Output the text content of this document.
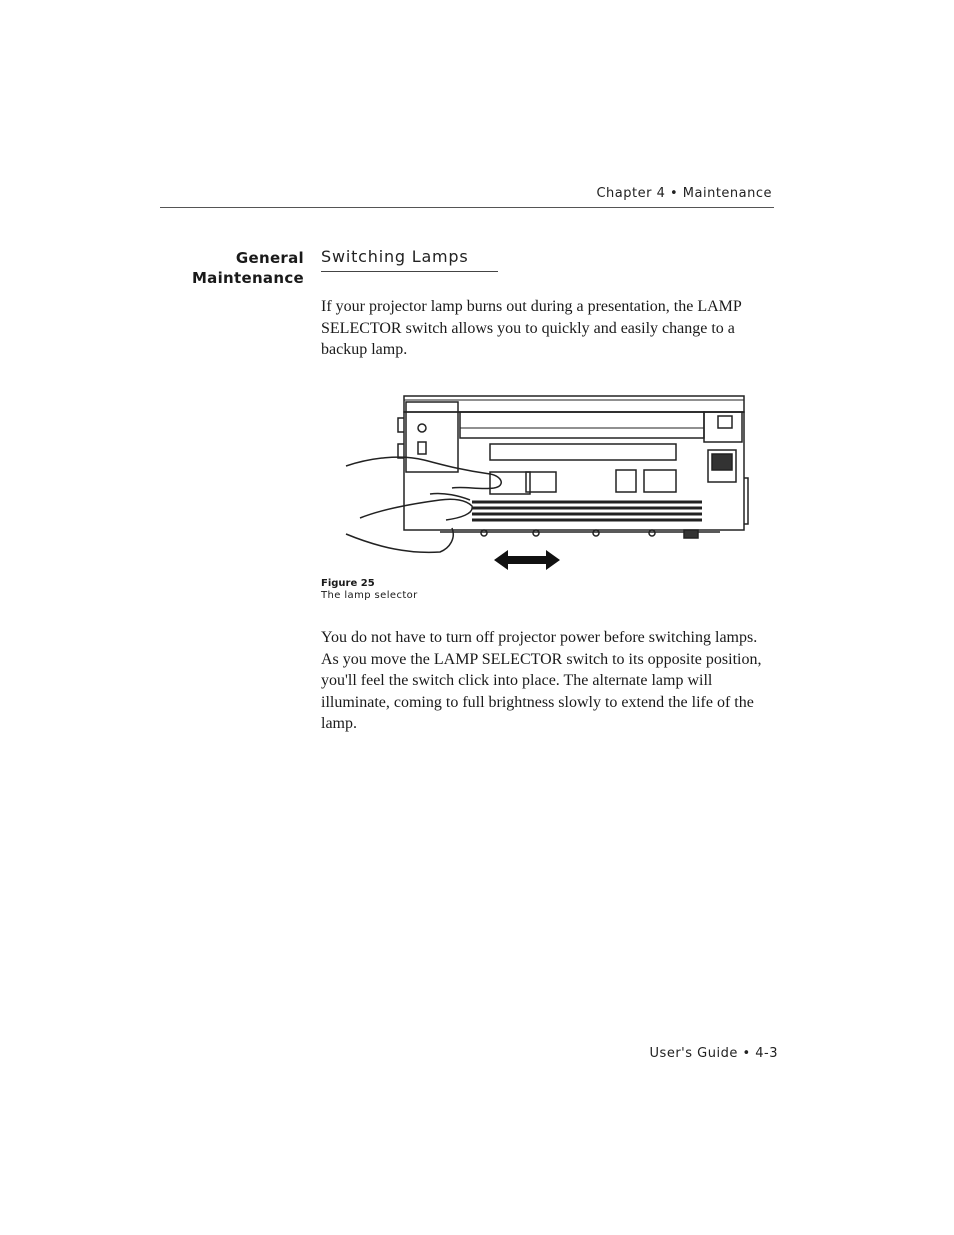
Chapter 4 • Maintenance
General
Maintenance
Switching Lamps
If your projector lamp burns out during a presentation, the LAMP SELECTOR switch allows you to quickly and easily change to a backup lamp.
Figure 25
The lamp selector
You do not have to turn off projector power before switching lamps. As you move the LAMP SELECTOR switch to its opposite position, you'll feel the switch click into place. The alternate lamp will illuminate, coming to full brightness slowly to extend the life of the lamp.
User's Guide • 4-3
